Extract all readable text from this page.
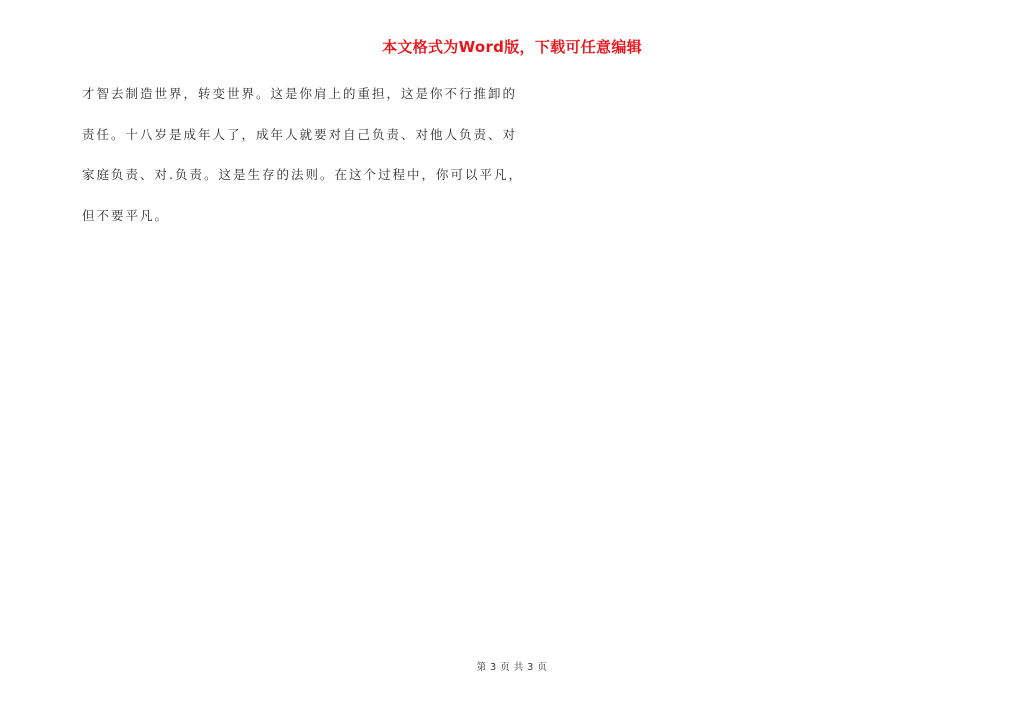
本文格式为Word版，下载可任意编辑
才智去制造世界，转变世界。这是你肩上的重担，这是你不行推卸的
责任。十八岁是成年人了，成年人就要对自己负责、对他人负责、对
家庭负责、对.负责。这是生存的法则。在这个过程中，你可以平凡，
但不要平凡。
第 3 页 共 3 页
